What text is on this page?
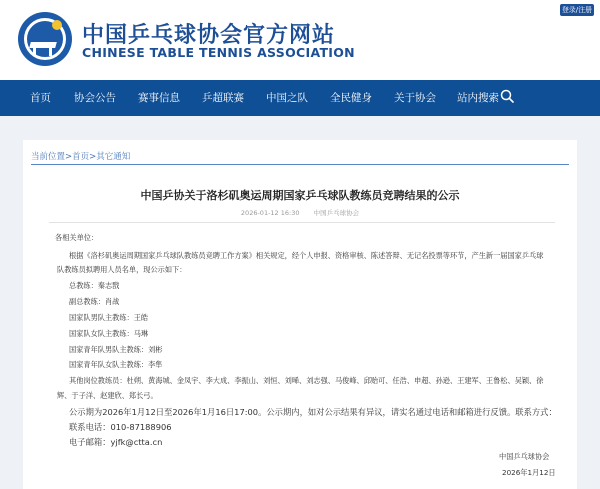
中国乒乓球协会官方网站
CHINESE TABLE TENNIS ASSOCIATION
登录/注册
首页 协会公告 赛事信息 乒超联赛 中国之队 全民健身 关于协会 站内搜索
当前位置>首页>其它通知
中国乒协关于洛杉矶奥运周期国家乒乓球队教练员竞聘结果的公示
2026-01-12 16:30 中国乒乓球协会
各相关单位：
根据《洛杉矶奥运周期国家乒乓球队教练员竞聘工作方案》相关规定，经个人申报、资格审核、陈述答辩、无记名投票等环节，产生新一届国家乒乓球
队教练员拟聘用人员名单，现公示如下：
总教练：秦志戬
副总教练：肖战
国家队男队主教练：王皓
国家队女队主教练：马琳
国家青年队男队主教练：刘彬
国家青年队女队主教练：李隼
其他岗位教练员：杜朔、黄海城、金凤宇、李大成、李振山、刘恒、刘晞、刘志强、马俊峰、邱贻可、任浩、申超、孙逊、王建军、王鲁松、吴颖、徐
辉、于子洋、赵建欣、郑长弓。
公示期为2026年1月12日至2026年1月16日17:00。公示期内，如对公示结果有异议，请实名通过电话和邮箱进行反馈。联系方式：
联系电话：010-87188906
电子邮箱：yjfk@ctta.cn
中国乒乓球协会
2026年1月12日
